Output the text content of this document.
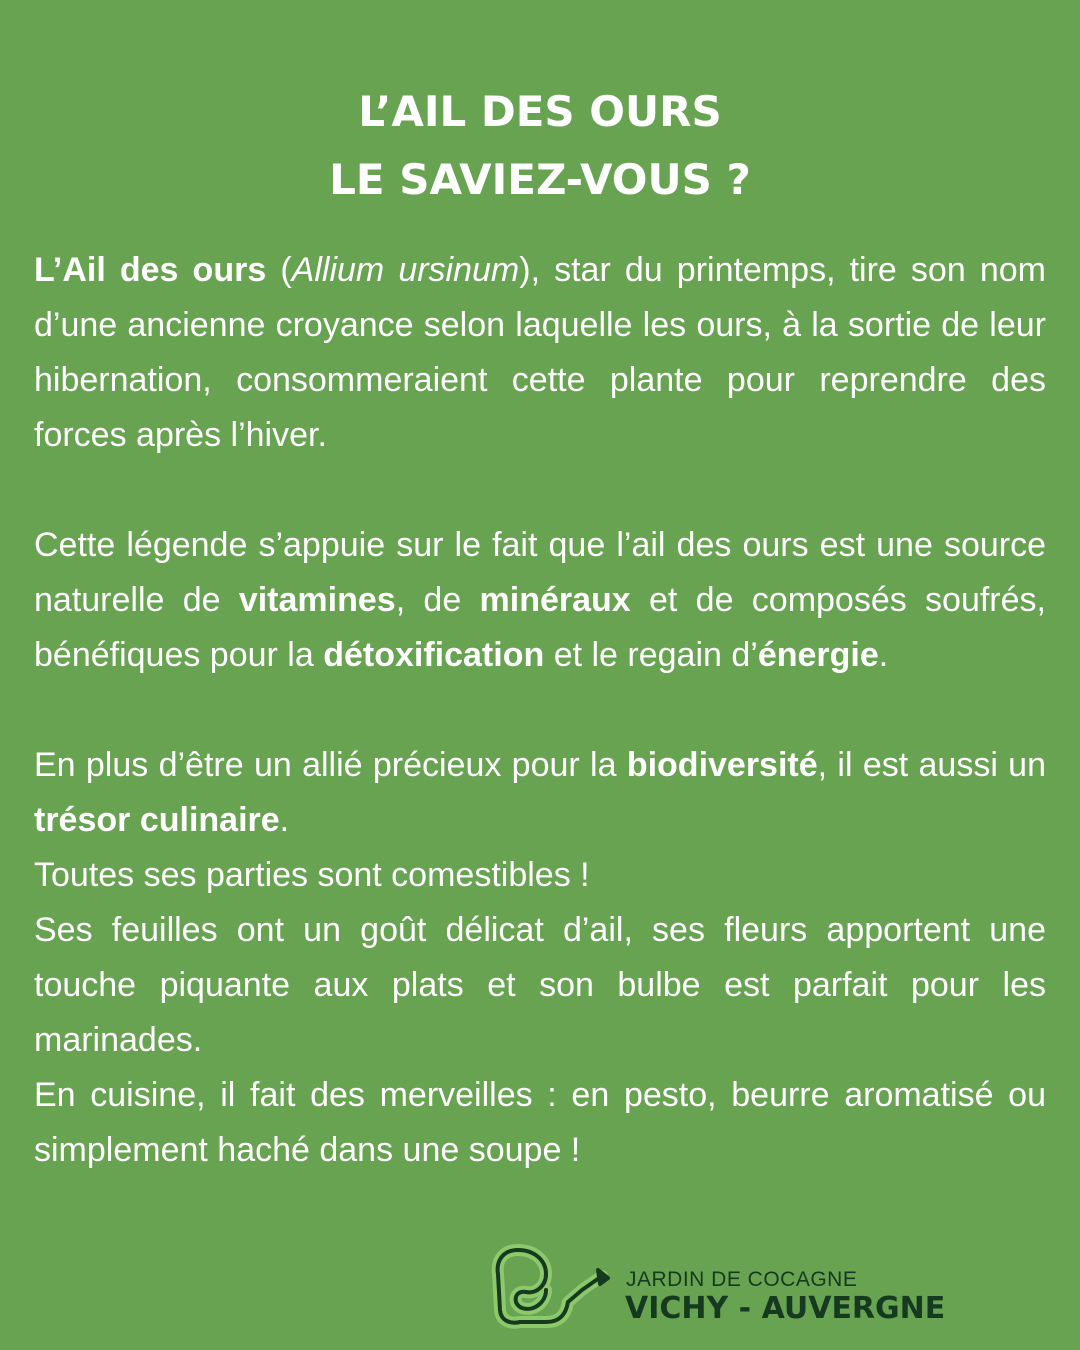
L’AIL DES OURS
LE SAVIEZ-VOUS ?

L’Ail des ours (Allium ursinum), star du printemps, tire son nom d’une ancienne croyance selon laquelle les ours, à la sortie de leur hibernation, consommeraient cette plante pour reprendre des forces après l’hiver.

Cette légende s’appuie sur le fait que l’ail des ours est une source naturelle de vitamines, de minéraux et de composés soufrés, bénéfiques pour la détoxification et le regain d’énergie.

En plus d’être un allié précieux pour la biodiversité, il est aussi un trésor culinaire.

Toutes ses parties sont comestibles !

Ses feuilles ont un goût délicat d’ail, ses fleurs apportent une touche piquante aux plats et son bulbe est parfait pour les marinades.

En cuisine, il fait des merveilles : en pesto, beurre aromatisé ou simplement haché dans une soupe !

JARDIN DE COCAGNE
VICHY - AUVERGNE
